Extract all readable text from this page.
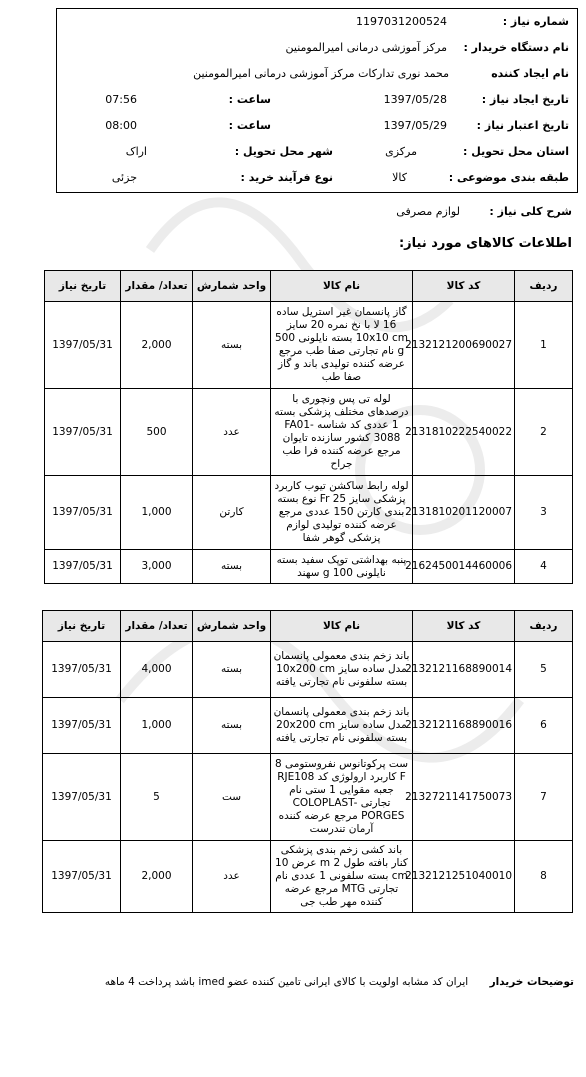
شماره نیاز :
1197031200524
نام دستگاه خریدار :
مرکز آموزشی درمانی امیرالمومنین
نام ایجاد کننده
محمد نوری تدارکات مرکز آموزشی درمانی امیرالمومنین
تاریخ ایجاد نیاز :
1397/05/28
ساعت :
07:56
تاریخ اعتبار نیاز :
1397/05/29
ساعت :
08:00
استان محل تحویل :
مرکزی
شهر محل تحویل :
اراک
طبقه بندی موضوعی :
کالا
نوع فرآیند خرید :
جزئی
شرح کلی نیاز : لوازم مصرفی
اطلاعات کالاهای مورد نیاز:
ردیف	کد کالا	نام کالا	واحد شمارش	تعداد/ مقدار	تاریخ نیاز
1	2132121200690027	گاز پانسمان غیر استریل ساده 16 لا با نخ نمره 20 سایز 10x10 cm بسته نایلونی 500 g نام تجارتی صفا طب مرجع عرضه کننده تولیدی باند و گاز صفا طب	بسته	2,000	1397/05/31
2	2131810222540022	لوله تی پس ونچوری با درصدهای مختلف پزشکی بسته 1 عددی کد شناسه FA01-3088 کشور سازنده تایوان مرجع عرضه کننده فرا طب جراح	عدد	500	1397/05/31
3	2131810201120007	لوله رابط ساکشن تیوب کاربرد پزشکی سایز 25 Fr نوع بسته بندی کارتن 150 عددی مرجع عرضه کننده تولیدی لوازم پزشکی گوهر شفا	کارتن	1,000	1397/05/31
4	2162450014460006	پنبه بهداشتی توپک سفید بسته نایلونی 100 g سهند	بسته	3,000	1397/05/31
ردیف	کد کالا	نام کالا	واحد شمارش	تعداد/ مقدار	تاریخ نیاز
5	2132121168890014	باند زخم بندی معمولی پانسمان مدل ساده سایز 10x200 cm بسته سلفونی نام تجارتی یافته	بسته	4,000	1397/05/31
6	2132121168890016	باند زخم بندی معمولی پانسمان مدل ساده سایز 20x200 cm بسته سلفونی نام تجارتی یافته	بسته	1,000	1397/05/31
7	2132721141750073	ست پرکوتانوس نفروستومی 8 F کاربرد ارولوژی کد RJE108 جعبه مقوایی 1 ستی نام تجارتی COLOPLAST-PORGES مرجع عرضه کننده آرمان تندرست	ست	5	1397/05/31
8	2132121251040010	باند کشی زخم بندی پزشکی کنار بافته طول 2 m عرض 10 cm بسته سلفونی 1 عددی نام تجارتی MTG مرجع عرضه کننده مهر طب جی	عدد	2,000	1397/05/31
توضیحات خریدار ایران کد مشابه اولویت با کالای ایرانی تامین کننده عضو imed باشد پرداخت 4 ماهه
